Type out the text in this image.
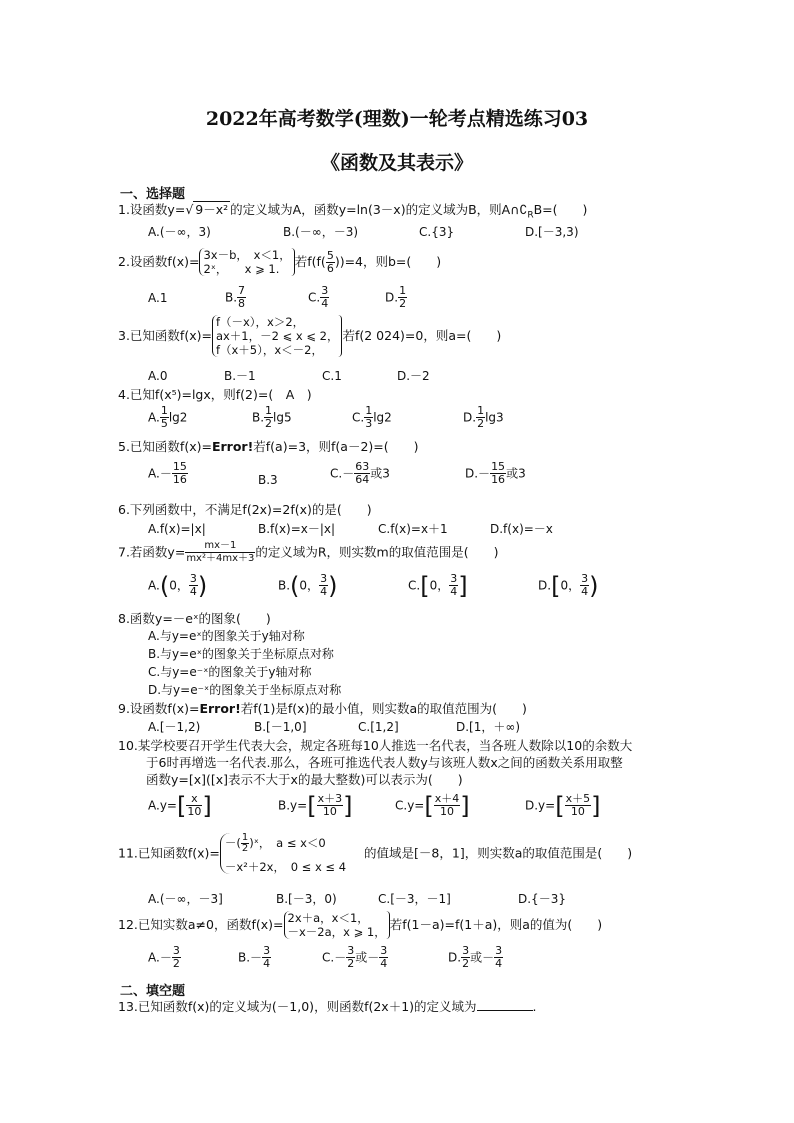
2022年高考数学(理数)一轮考点精选练习03
《函数及其表示》
一、选择题
1.设函数y=√ 9－x² 的定义域为A，函数y=ln(3－x)的定义域为B，则$A\cap∁_RB=$(　　)
A.(－∞，3)	B.(－∞，－3)	C.{3}	D.[－3,3)
2.设函数f(x)= 3x－b，　x＜1，
2ˣ，　　x ⩾ 1.	若$f(f( \frac{5}{6} ))=4$，则b=(　　)
A.1	B. $\frac{7}{8}$	C. $\frac{3}{4}$	D. $\frac{1}{2}$
3.已知函数f(x)=
f（－x），x＞2，
ax＋1，－2 ⩽ x ⩽ 2，
f（x＋5），x＜－2，
若f(2 024)=0，则a=(　　)
A.0	B.－1	C.1	D.－2
4.已知f(x⁵)=lgx，则f(2)=(　A　)
A. $\frac{1}{5} \lg 2$	B. $\frac{1}{2} \lg 5$	C. $\frac{1}{3} \lg 2$	D. $\frac{1}{2} \lg 3$
5.已知函数f(x)=Error!若f(a)=3，则f(a－2)=(　　)
$A.- \frac{15}{16}$	B.3	$C.- \frac{63}{64}$ 或3	$D.- \frac{15}{16}$ 或3
6.下列函数中，不满足f(2x)=2f(x)的是(　　)
A.f(x)=|x|	B.f(x)=x－|x|	C.f(x)=x＋1	D.f(x)=－x
7.若函数$y= \frac{mx-1}{\text{mx²＋4mx＋3}}$ 的定义域为R，则实数m的取值范围是(　　)
A.(0， $\frac{3}{4}$ )	B.(0， $\frac{3}{4}$ )	C.[0， $\frac{3}{4}$ ]	D.[0， $\frac{3}{4}$ )
8.函数y=－eˣ的图象(　　)
A.与y=eˣ的图象关于y轴对称
B.与y=eˣ的图象关于坐标原点对称
C.与y=e⁻ˣ的图象关于y轴对称
D.与y=e⁻ˣ的图象关于坐标原点对称
9.设函数f(x)=Error!若f(1)是f(x)的最小值，则实数a的取值范围为(　　)
A.[－1,2)	B.[－1,0]	C.[1,2]	D.[1，＋∞)
10.某学校要召开学生代表大会，规定各班每10人推选一名代表，当各班人数除以10的余数大
于6时再增选一名代表.那么，各班可推选代表人数y与该班人数x之间的函数关系用取整
函数y=[x]([x]表示不大于x的最大整数)可以表示为(　　)
$A.y=[ \frac{x}{10}$ ]	$B.y=[ \frac{x+3}{10}$ ]	$C.y=[ \frac{x+4}{10}$ ]	$D.y=[ \frac{x+5}{10}$ ]
11.已知函数f(x)=
－( $\frac{1}{2}$ )ˣ，　a ≤ x＜0
－x²＋2x，　0 ≤ x ≤ 4
的值域是[－8，1]，则实数a的取值范围是(　　)
A.(－∞，－3]	B.[－3，0)	C.[－3，－1]	D.{－3}
12.已知实数a≠0，函数f(x)= 2x＋a，x＜1，
－x－2a，x ⩾ 1， 若f(1－a)=f(1＋a)，则a的值为(　　)
$A.- \frac{3}{2}$	$B.- \frac{3}{4}$	$C.- \frac{3}{2}$ 或－ $\frac{3}{4}$	D. $\frac{3}{2}$ 或－ $\frac{3}{4}$
二、填空题
13.已知函数f(x)的定义域为(－1,0)，则函数f(2x＋1)的定义域为	.
